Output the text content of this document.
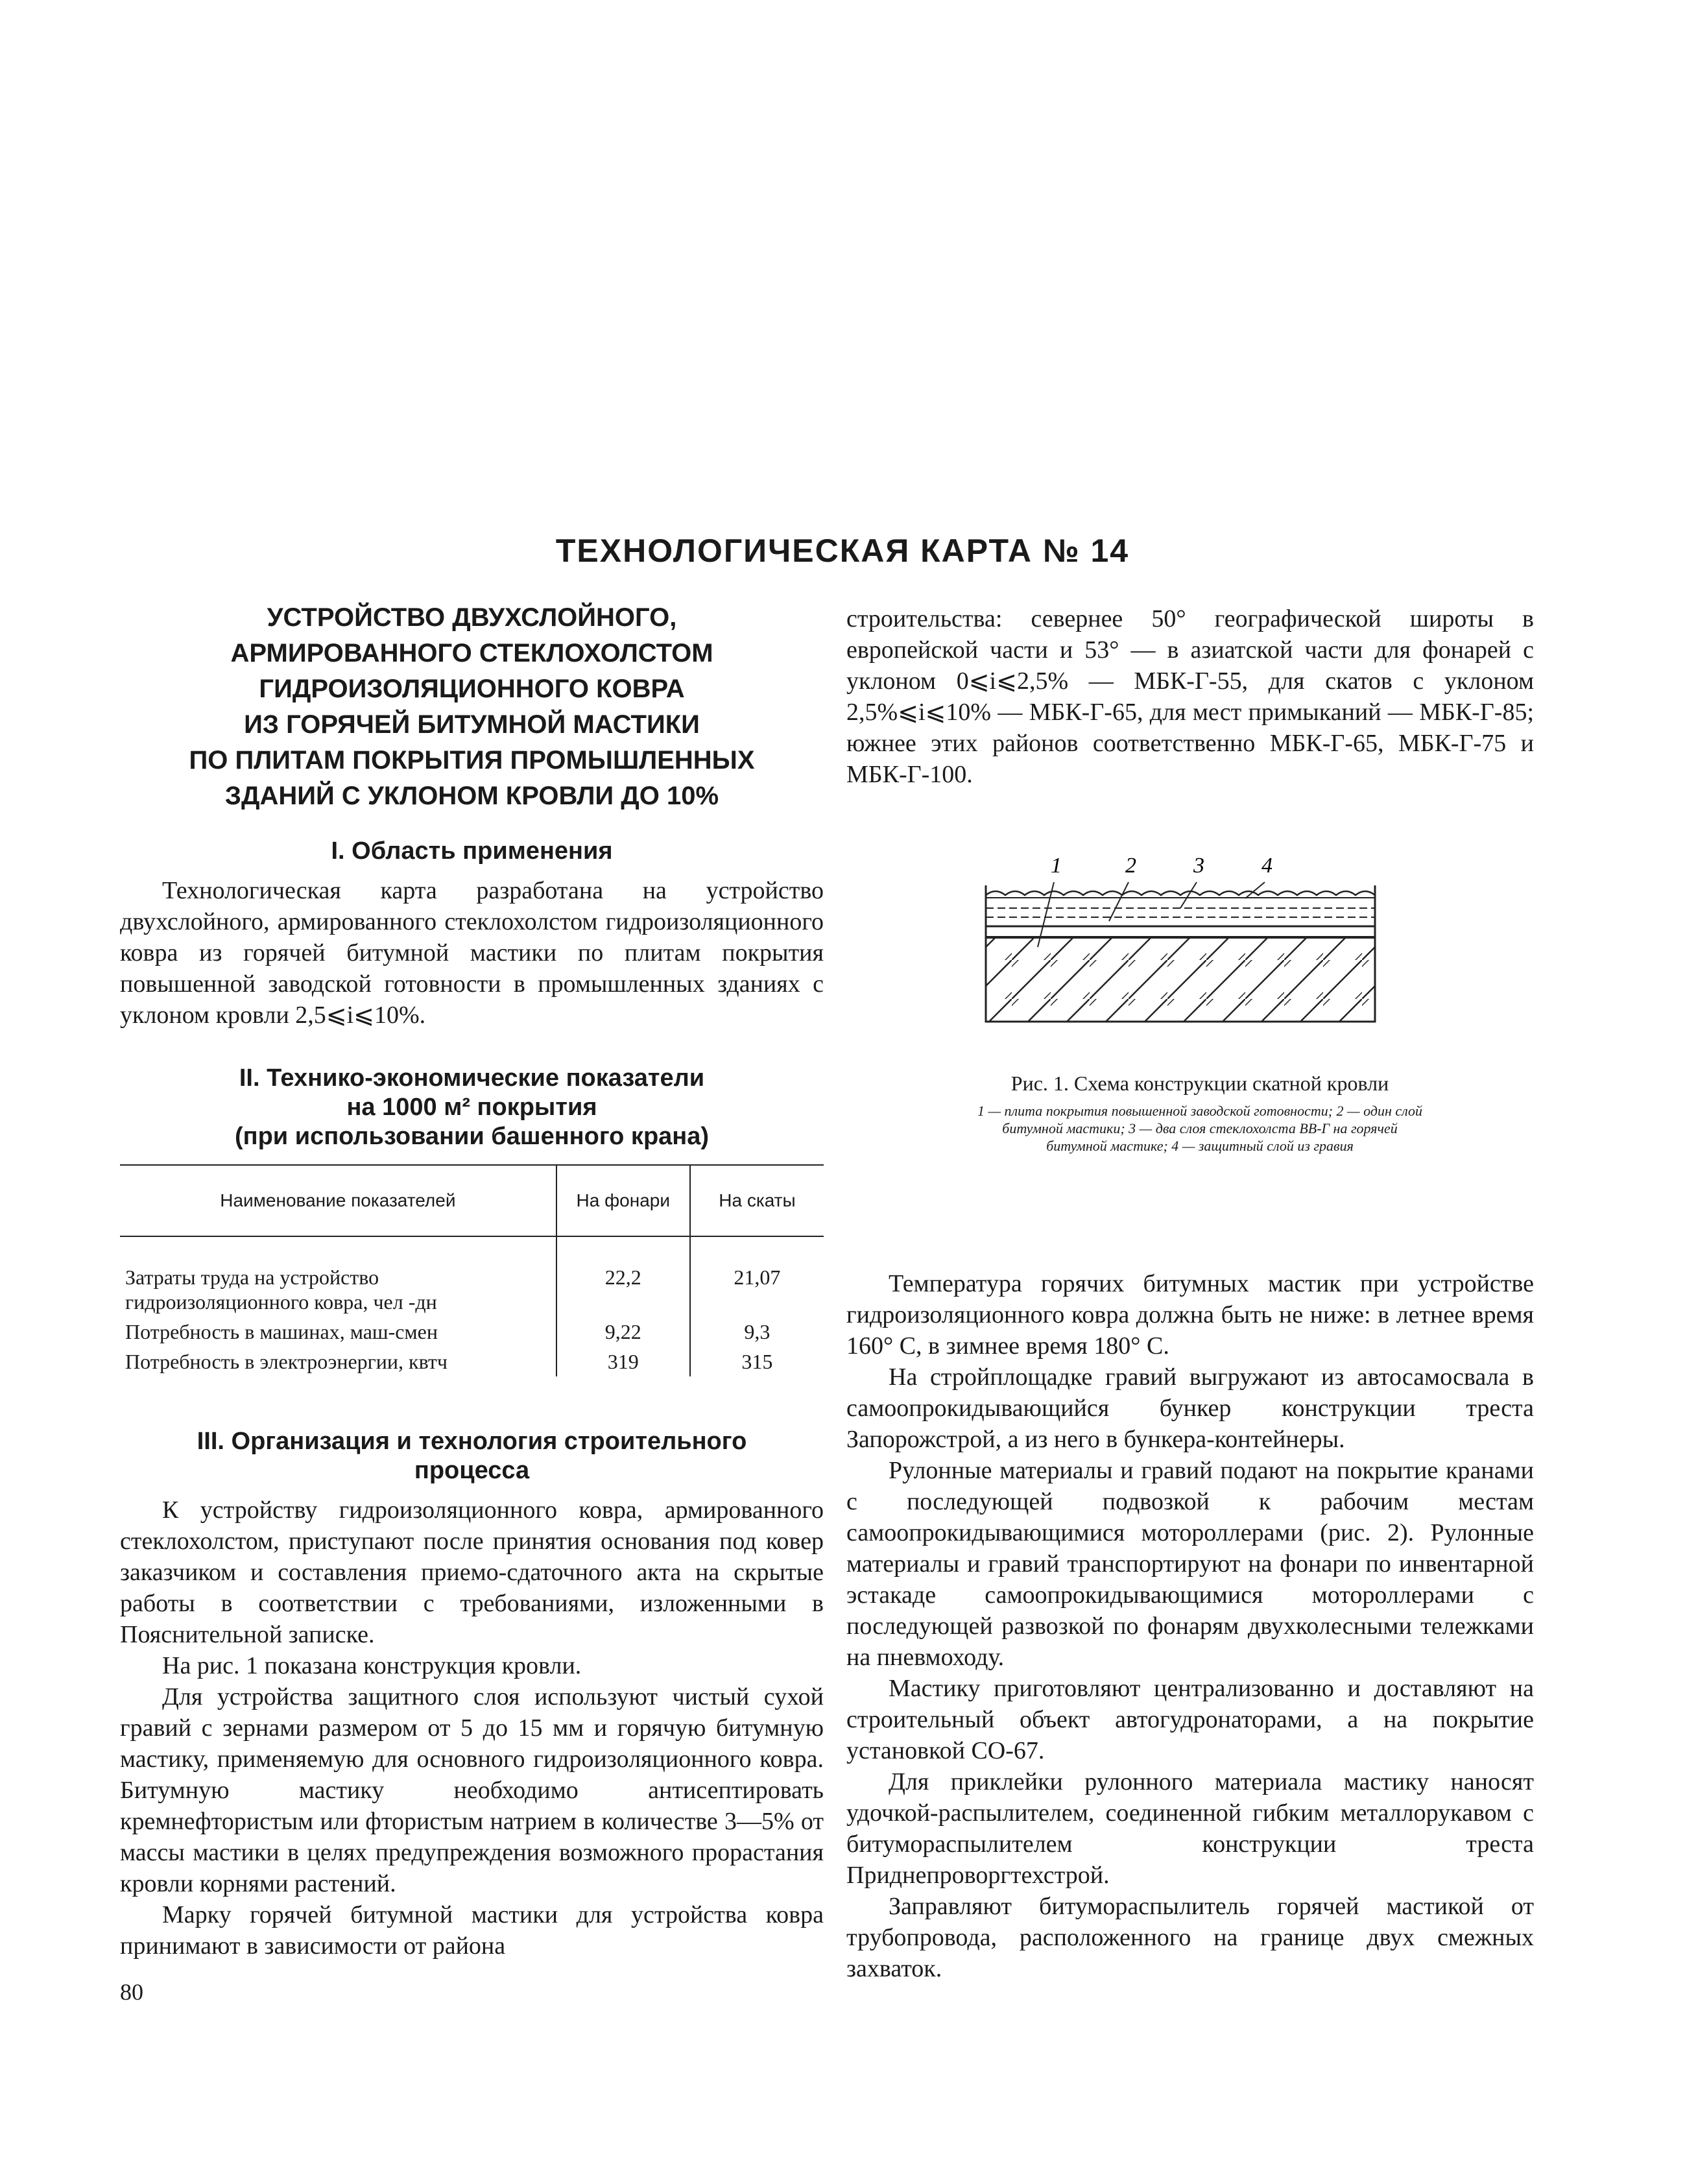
ТЕХНОЛОГИЧЕСКАЯ КАРТА № 14
УСТРОЙСТВО ДВУХСЛОЙНОГО,
АРМИРОВАННОГО СТЕКЛОХОЛСТОМ
ГИДРОИЗОЛЯЦИОННОГО КОВРА
ИЗ ГОРЯЧЕЙ БИТУМНОЙ МАСТИКИ
ПО ПЛИТАМ ПОКРЫТИЯ ПРОМЫШЛЕННЫХ
ЗДАНИЙ С УКЛОНОМ КРОВЛИ ДО 10%
I. Область применения

Технологическая карта разработана на устройство двухслойного, армированного стеклохолстом гидроизоляционного ковра из горячей битумной мастики по плитам покрытия повышенной заводской готовности в промышленных зданиях с уклоном кровли 2,5⩽i⩽10%.

II. Технико-экономические показатели
на 1000 м² покрытия
(при использовании башенного крана)
Наименование показателей	На фонари	На скаты

Затраты труда на устройство гидроизоляционного ковра, чел -дн	22,2	21,07
Потребность в машинах, маш-смен	9,22	9,3
Потребность в электроэнергии, квтч	319	315
III. Организация и технология строительного
процесса

К устройству гидроизоляционного ковра, армированного стеклохолстом, приступают после принятия основания под ковер заказчиком и составления приемо-сдаточного акта на скрытые работы в соответствии с требованиями, изложенными в Пояснительной записке.

На рис. 1 показана конструкция кровли.

Для устройства защитного слоя используют чистый сухой гравий с зернами размером от 5 до 15 мм и горячую битумную мастику, применяемую для основного гидроизоляционного ковра. Битумную мастику необходимо антисептировать кремнефтористым или фтористым натрием в количестве 3—5% от массы мастики в целях предупреждения возможного прорастания кровли корнями растений.

Марку горячей битумной мастики для устройства ковра принимают в зависимости от района

строительства: севернее 50° географической широты в европейской части и 53° — в азиатской части для фонарей с уклоном 0⩽i⩽2,5% — МБК-Г-55, для скатов с уклоном 2,5%⩽i⩽10% — МБК-Г-65, для мест примыканий — МБК-Г-85; южнее этих районов соответственно МБК-Г-65, МБК-Г-75 и МБК-Г-100.

1	2	3	4
Рис. 1. Схема конструкции скатной кровли
1 — плита покрытия повышенной заводской готовности; 2 — один слой битумной мастики; 3 — два слоя стеклохолста ВВ-Г на горячей битумной мастике; 4 — защитный слой из гравия

Температура горячих битумных мастик при устройстве гидроизоляционного ковра должна быть не ниже: в летнее время 160° С, в зимнее время 180° С.

На стройплощадке гравий выгружают из автосамосвала в самоопрокидывающийся бункер конструкции треста Запорожстрой, а из него в бункера-контейнеры.

Рулонные материалы и гравий подают на покрытие кранами с последующей подвозкой к рабочим местам самоопрокидывающимися мотороллерами (рис. 2). Рулонные материалы и гравий транспортируют на фонари по инвентарной эстакаде самоопрокидывающимися мотороллерами с последующей развозкой по фонарям двухколесными тележками на пневмоходу.

Мастику приготовляют централизованно и доставляют на строительный объект автогудронаторами, а на покрытие установкой СО-67.

Для приклейки рулонного материала мастику наносят удочкой-распылителем, соединенной гибким металлорукавом с битумораспылителем конструкции треста Приднепроворгтехстрой.

Заправляют битумораспылитель горячей мастикой от трубопровода, расположенного на границе двух смежных захваток.

80
